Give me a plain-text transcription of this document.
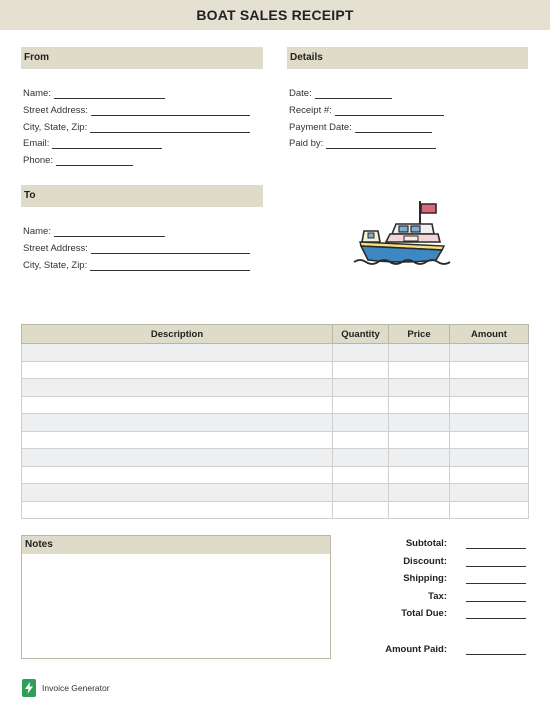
BOAT SALES RECEIPT
From
Name:
Street Address:
City, State, Zip:
Email:
Phone:
Details
Date:
Receipt #:
Payment Date:
Paid by:
To
Name:
Street Address:
City, State, Zip:
Description	Quantity	Price	Amount

Notes	Subtotal:
Discount:
Shipping:
Tax:
Total Due:
Amount Paid:
Invoice Generator
